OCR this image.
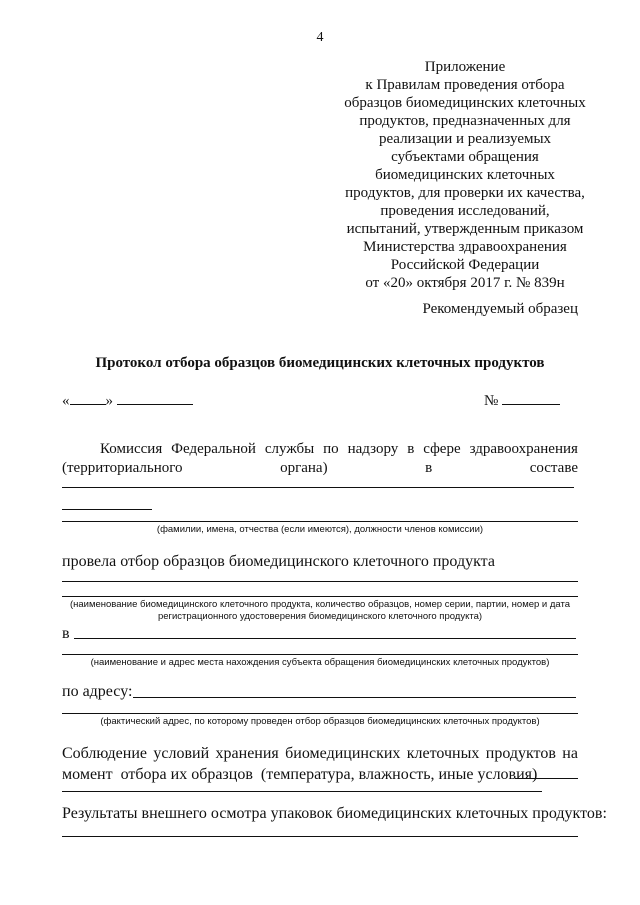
4
Приложение
к Правилам проведения отбора
образцов биомедицинских клеточных
продуктов, предназначенных для
реализации и реализуемых
субъектами обращения
биомедицинских клеточных
продуктов, для проверки их качества,
проведения исследований,
испытаний, утвержденным приказом
Министерства здравоохранения
Российской Федерации
от «20» октября 2017 г. № 839н
Рекомендуемый образец
Протокол отбора образцов биомедицинских клеточных продуктов
« »	№
Комиссия Федеральной службы по надзору в сфере здравоохранения
(территориального	органа)	в	составе
(фамилии, имена, отчества (если имеются), должности членов комиссии)
провела отбор образцов биомедицинского клеточного продукта
(наименование биомедицинского клеточного продукта, количество образцов, номер серии, партии, номер и дата
регистрационного удостоверения биомедицинского клеточного продукта)
в
(наименование и адрес места нахождения субъекта обращения биомедицинских клеточных продуктов)
по адресу:
(фактический адрес, по которому проведен отбор образцов биомедицинских клеточных продуктов)
Соблюдение условий хранения биомедицинских клеточных продуктов на
момент  отбора их образцов  (температура, влажность, иные условия)
Результаты внешнего осмотра упаковок биомедицинских клеточных продуктов:
